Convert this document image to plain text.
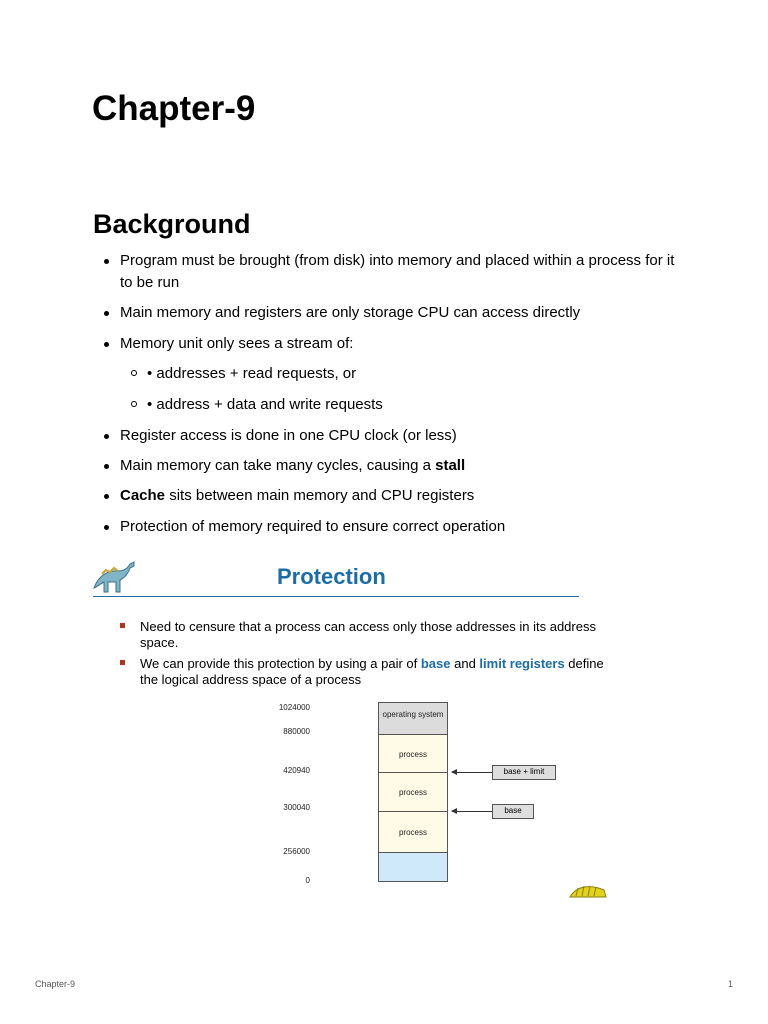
Chapter-9
Background
Program must be brought (from disk) into memory and placed within a process for it to be run
Main memory and registers are only storage CPU can access directly
Memory unit only sees a stream of:
• addresses + read requests, or
• address + data and write requests
Register access is done in one CPU clock (or less)
Main memory can take many cycles, causing a stall
Cache sits between main memory and CPU registers
Protection of memory required to ensure correct operation
Protection
Need to censure that a process can access only those addresses in its address space.
We can provide this protection by using a pair of base and limit registers define the logical address space of a process
1024000
880000
420940
300040
256000
0
operating system
process
process
process
base + limit
base
Chapter-9	1
